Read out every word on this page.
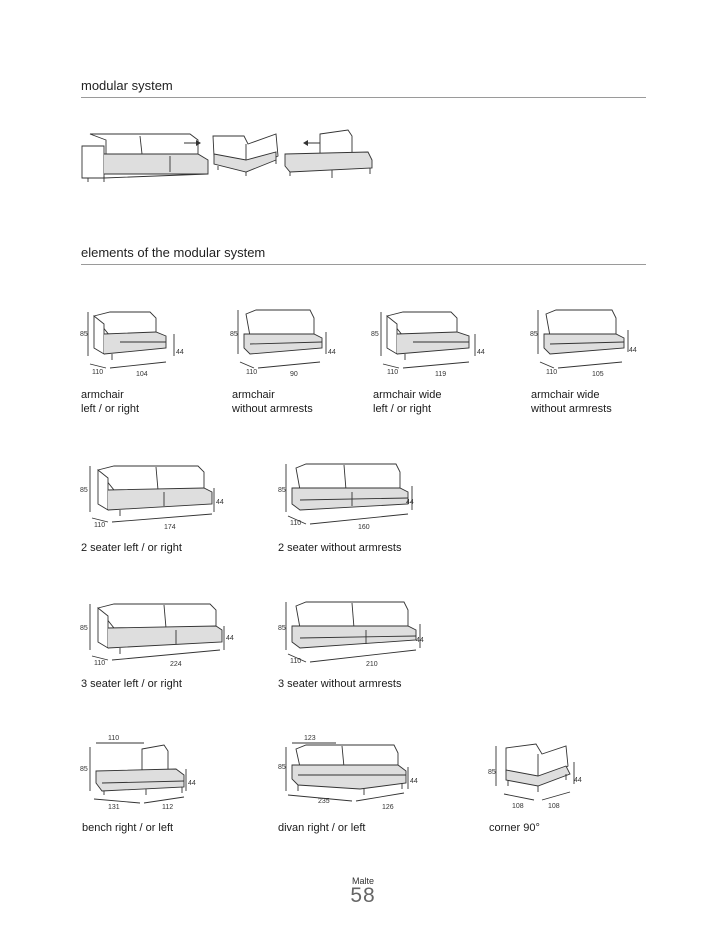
modular system
elements of the modular system
85
44
110	104
armchair
left / or right
85
44
110	90
armchair
without armrests
85
44
110	119
armchair wide
left / or right
85
44
110	105
armchair wide
without armrests
85
44
110	174
2 seater left / or right
85
44
110
160
2 seater without armrests
85
44
110	224
3 seater left / or right
85
44
110	210
3 seater without armrests
110
85
44
131	112
bench right / or left
123
85
44
235
126
divan right / or left
85
44
108	108
corner 90°
Malte
58
